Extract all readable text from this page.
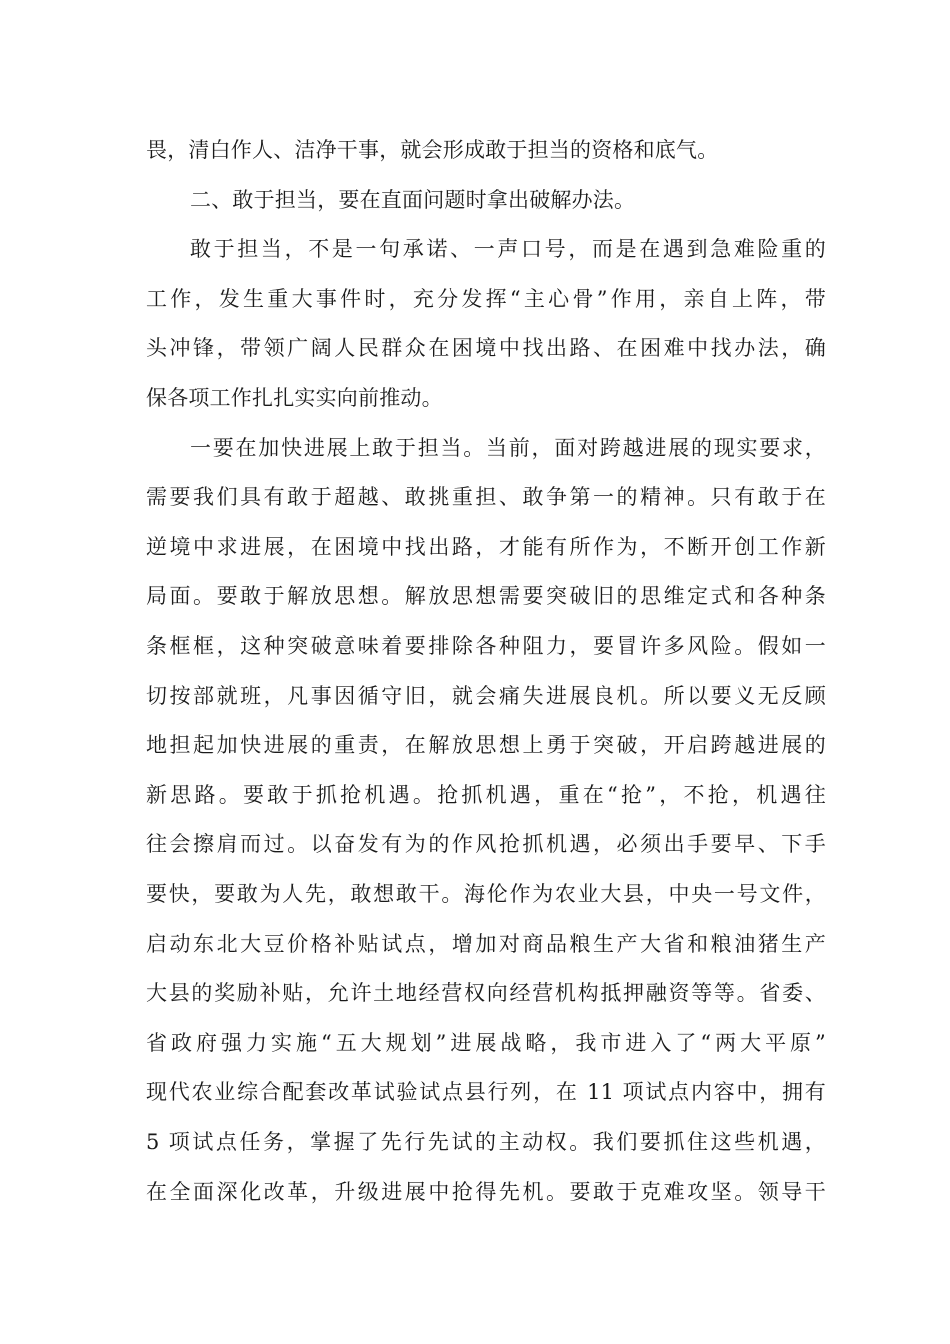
畏，清白作人、洁净干事，就会形成敢于担当的资格和底气。
二、敢于担当，要在直面问题时拿出破解办法。
敢于担当，不是一句承诺、一声口号，而是在遇到急难险重的
工作，发生重大事件时，充分发挥“主心骨”作用，亲自上阵，带
头冲锋，带领广阔人民群众在困境中找出路、在困难中找办法，确
保各项工作扎扎实实向前推动。
一要在加快进展上敢于担当。当前，面对跨越进展的现实要求，
需要我们具有敢于超越、敢挑重担、敢争第一的精神。只有敢于在
逆境中求进展，在困境中找出路，才能有所作为，不断开创工作新
局面。要敢于解放思想。解放思想需要突破旧的思维定式和各种条
条框框，这种突破意味着要排除各种阻力，要冒许多风险。假如一
切按部就班，凡事因循守旧，就会痛失进展良机。所以要义无反顾
地担起加快进展的重责，在解放思想上勇于突破，开启跨越进展的
新思路。要敢于抓抢机遇。抢抓机遇，重在“抢”，不抢，机遇往
往会擦肩而过。以奋发有为的作风抢抓机遇，必须出手要早、下手
要快，要敢为人先，敢想敢干。海伦作为农业大县，中央一号文件，
启动东北大豆价格补贴试点，增加对商品粮生产大省和粮油猪生产
大县的奖励补贴，允许土地经营权向经营机构抵押融资等等。省委、
省政府强力实施“五大规划”进展战略，我市进入了“两大平原”
现代农业综合配套改革试验试点县行列，在 11 项试点内容中，拥有
5 项试点任务，掌握了先行先试的主动权。我们要抓住这些机遇，
在全面深化改革，升级进展中抢得先机。要敢于克难攻坚。领导干
